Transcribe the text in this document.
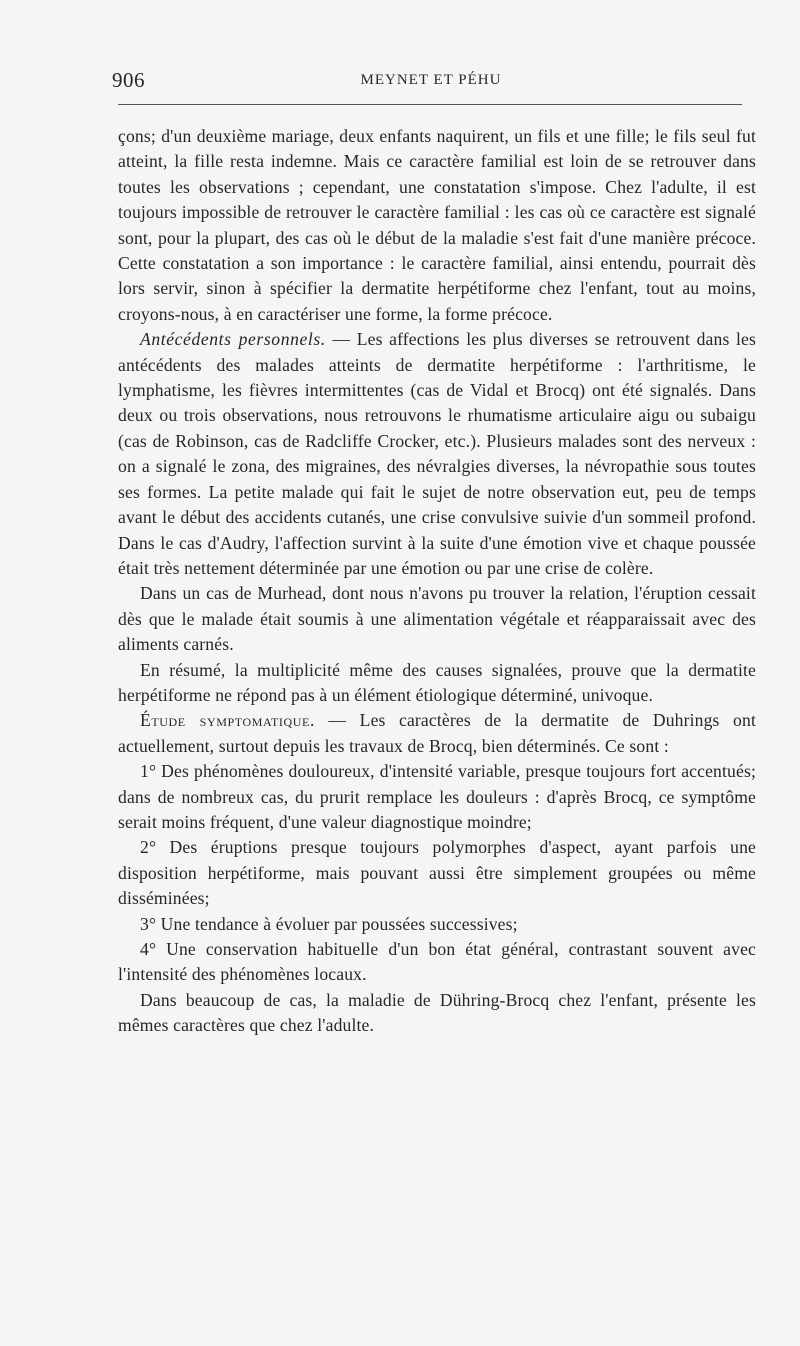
906	MEYNET ET PÉHU

çons; d'un deuxième mariage, deux enfants naquirent, un fils et une fille; le fils seul fut atteint, la fille resta indemne. Mais ce caractère familial est loin de se retrouver dans toutes les observations ; cependant, une constatation s'impose. Chez l'adulte, il est toujours impossible de retrouver le caractère familial : les cas où ce caractère est signalé sont, pour la plupart, des cas où le début de la maladie s'est fait d'une manière précoce. Cette constatation a son importance : le caractère familial, ainsi entendu, pourrait dès lors servir, sinon à spécifier la dermatite herpétiforme chez l'enfant, tout au moins, croyons-nous, à en caractériser une forme, la forme précoce.

Antécédents personnels. — Les affections les plus diverses se retrouvent dans les antécédents des malades atteints de dermatite herpétiforme : l'arthritisme, le lymphatisme, les fièvres intermittentes (cas de Vidal et Brocq) ont été signalés. Dans deux ou trois observations, nous retrouvons le rhumatisme articulaire aigu ou subaigu (cas de Robinson, cas de Radcliffe Crocker, etc.). Plusieurs malades sont des nerveux : on a signalé le zona, des migraines, des névralgies diverses, la névropathie sous toutes ses formes. La petite malade qui fait le sujet de notre observation eut, peu de temps avant le début des accidents cutanés, une crise convulsive suivie d'un sommeil profond. Dans le cas d'Audry, l'affection survint à la suite d'une émotion vive et chaque poussée était très nettement déterminée par une émotion ou par une crise de colère.

Dans un cas de Murhead, dont nous n'avons pu trouver la relation, l'éruption cessait dès que le malade était soumis à une alimentation végétale et réapparaissait avec des aliments carnés.

En résumé, la multiplicité même des causes signalées, prouve que la dermatite herpétiforme ne répond pas à un élément étiologique déterminé, univoque.

Étude symptomatique. — Les caractères de la dermatite de Duhrings ont actuellement, surtout depuis les travaux de Brocq, bien déterminés. Ce sont :

1° Des phénomènes douloureux, d'intensité variable, presque toujours fort accentués; dans de nombreux cas, du prurit remplace les douleurs : d'après Brocq, ce symptôme serait moins fréquent, d'une valeur diagnostique moindre;

2° Des éruptions presque toujours polymorphes d'aspect, ayant parfois une disposition herpétiforme, mais pouvant aussi être simplement groupées ou même disséminées;

3° Une tendance à évoluer par poussées successives;

4° Une conservation habituelle d'un bon état général, contrastant souvent avec l'intensité des phénomènes locaux.

Dans beaucoup de cas, la maladie de Dühring-Brocq chez l'enfant, présente les mêmes caractères que chez l'adulte.
